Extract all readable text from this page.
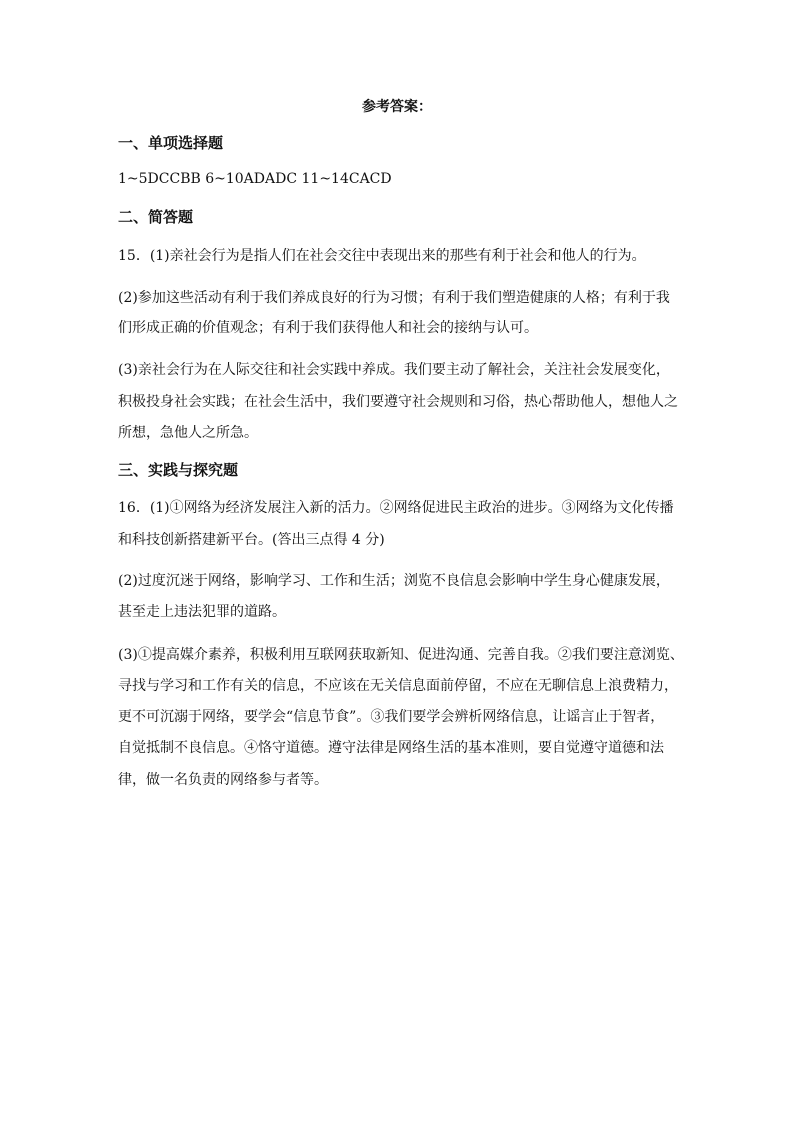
参考答案：
一、单项选择题
1~5DCCBB 6~10ADADC 11~14CACD
二、简答题
15．(1)亲社会行为是指人们在社会交往中表现出来的那些有利于社会和他人的行为。
(2)参加这些活动有利于我们养成良好的行为习惯；有利于我们塑造健康的人格；有利于我
们形成正确的价值观念；有利于我们获得他人和社会的接纳与认可。
(3)亲社会行为在人际交往和社会实践中养成。我们要主动了解社会，关注社会发展变化，
积极投身社会实践；在社会生活中，我们要遵守社会规则和习俗，热心帮助他人，想他人之
所想，急他人之所急。
三、实践与探究题
16．(1)①网络为经济发展注入新的活力。②网络促进民主政治的进步。③网络为文化传播
和科技创新搭建新平台。(答出三点得 4 分)
(2)过度沉迷于网络，影响学习、工作和生活；浏览不良信息会影响中学生身心健康发展，
甚至走上违法犯罪的道路。
(3)①提高媒介素养，积极利用互联网获取新知、促进沟通、完善自我。②我们要注意浏览、
寻找与学习和工作有关的信息，不应该在无关信息面前停留，不应在无聊信息上浪费精力，
更不可沉溺于网络，要学会“信息节食”。③我们要学会辨析网络信息，让谣言止于智者，
自觉抵制不良信息。④恪守道德。遵守法律是网络生活的基本准则，要自觉遵守道德和法
律，做一名负责的网络参与者等。
